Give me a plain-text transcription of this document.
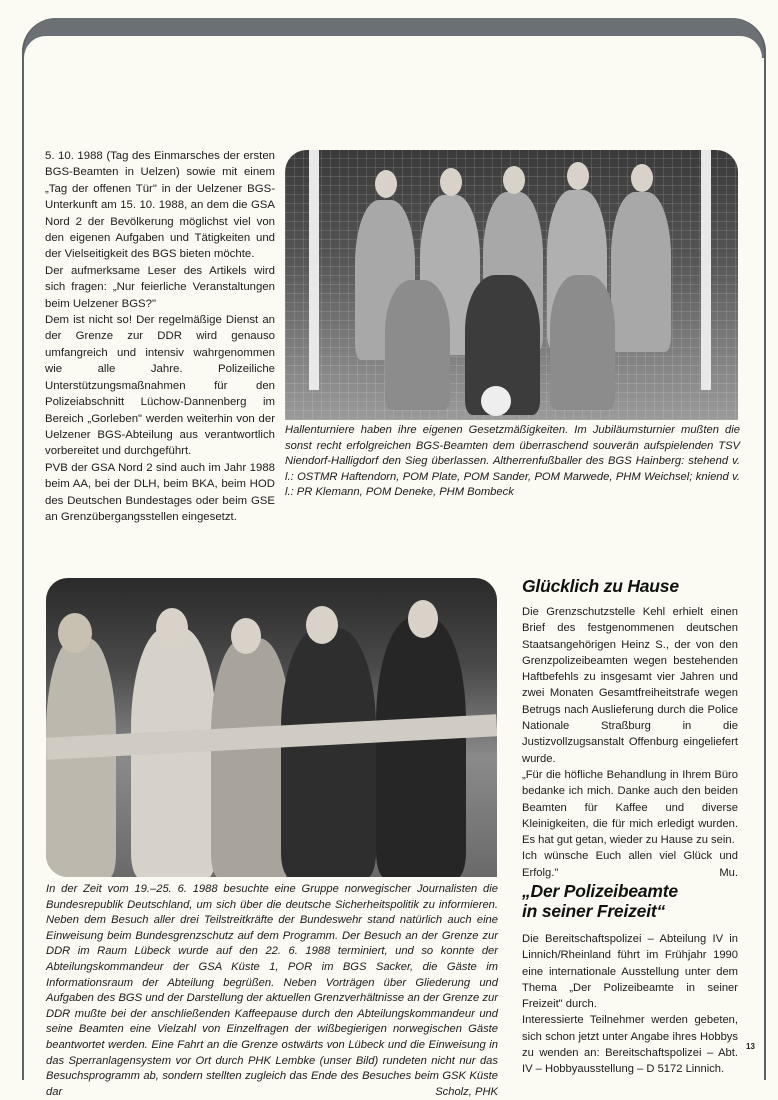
5. 10. 1988 (Tag des Einmarsches der ersten BGS-Beamten in Uelzen) sowie mit einem „Tag der offenen Tür" in der Uelzener BGS-Unterkunft am 15. 10. 1988, an dem die GSA Nord 2 der Bevölkerung möglichst viel von den eigenen Aufgaben und Tätigkeiten und der Vielseitigkeit des BGS bieten möchte.

Der aufmerksame Leser des Artikels wird sich fragen: „Nur feierliche Veranstaltungen beim Uelzener BGS?"

Dem ist nicht so! Der regelmäßige Dienst an der Grenze zur DDR wird genauso umfangreich und intensiv wahrgenommen wie alle Jahre. Polizeiliche Unterstützungsmaßnahmen für den Polizeiabschnitt Lüchow-Dannenberg im Bereich „Gorleben" werden weiterhin von der Uelzener BGS-Abteilung aus verantwortlich vorbereitet und durchgeführt.

PVB der GSA Nord 2 sind auch im Jahr 1988 beim AA, bei der DLH, beim BKA, beim HOD des Deutschen Bundestages oder beim GSE an Grenzübergangsstellen eingesetzt.

Hallenturniere haben ihre eigenen Gesetzmäßigkeiten. Im Jubiläumsturnier mußten die sonst recht erfolgreichen BGS-Beamten dem überraschend souverän aufspielenden TSV Niendorf-Halligdorf den Sieg überlassen. Altherrenfußballer des BGS Hainberg: stehend v. l.: OSTMR Haftendorn, POM Plate, POM Sander, POM Marwede, PHM Weichsel; kniend v. l.: PR Klemann, POM Deneke, PHM Bombeck
In der Zeit vom 19.–25. 6. 1988 besuchte eine Gruppe norwegischer Journalisten die Bundesrepublik Deutschland, um sich über die deutsche Sicherheitspolitik zu informieren. Neben dem Besuch aller drei Teilstreitkräfte der Bundeswehr stand natürlich auch eine Einweisung beim Bundesgrenzschutz auf dem Programm. Der Besuch an der Grenze zur DDR im Raum Lübeck wurde auf den 22. 6. 1988 terminiert, und so konnte der Abteilungskommandeur der GSA Küste 1, POR im BGS Sacker, die Gäste im Informationsraum der Abteilung begrüßen. Neben Vorträgen über Gliederung und Aufgaben des BGS und der Darstellung der aktuellen Grenzverhältnisse an der Grenze zur DDR mußte bei der anschließenden Kaffeepause durch den Abteilungskommandeur und seine Beamten eine Vielzahl von Einzelfragen der wißbegierigen norwegischen Gäste beantwortet werden. Eine Fahrt an die Grenze ostwärts von Lübeck und die Einweisung in das Sperranlagensystem vor Ort durch PHK Lembke (unser Bild) rundeten nicht nur das Besuchsprogramm ab, sondern stellten zugleich das Ende des Besuches beim GSK Küste dar	Scholz, PHK
Glücklich zu Hause

Die Grenzschutzstelle Kehl erhielt einen Brief des festgenommenen deutschen Staatsangehörigen Heinz S., der von den Grenzpolizeibeamten wegen bestehenden Haftbefehls zu insgesamt vier Jahren und zwei Monaten Gesamtfreiheitstrafe wegen Betrugs nach Auslieferung durch die Police Nationale Straßburg in die Justizvollzugsanstalt Offenburg eingeliefert wurde.

„Für die höfliche Behandlung in Ihrem Büro bedanke ich mich. Danke auch den beiden Beamten für Kaffee und diverse Kleinigkeiten, die für mich erledigt wurden. Es hat gut getan, wieder zu Hause zu sein.

Ich wünsche Euch allen viel Glück und Erfolg."	Mu.

„Der Polizeibeamte
in seiner Freizeit“

Die Bereitschaftspolizei – Abteilung IV in Linnich/Rheinland führt im Frühjahr 1990 eine internationale Ausstellung unter dem Thema „Der Polizeibeamte in seiner Freizeit" durch.

Interessierte Teilnehmer werden gebeten, sich schon jetzt unter Angabe ihres Hobbys zu wenden an: Bereitschaftspolizei – Abt. IV – Hobbyausstellung – D 5172 Linnich.

13
